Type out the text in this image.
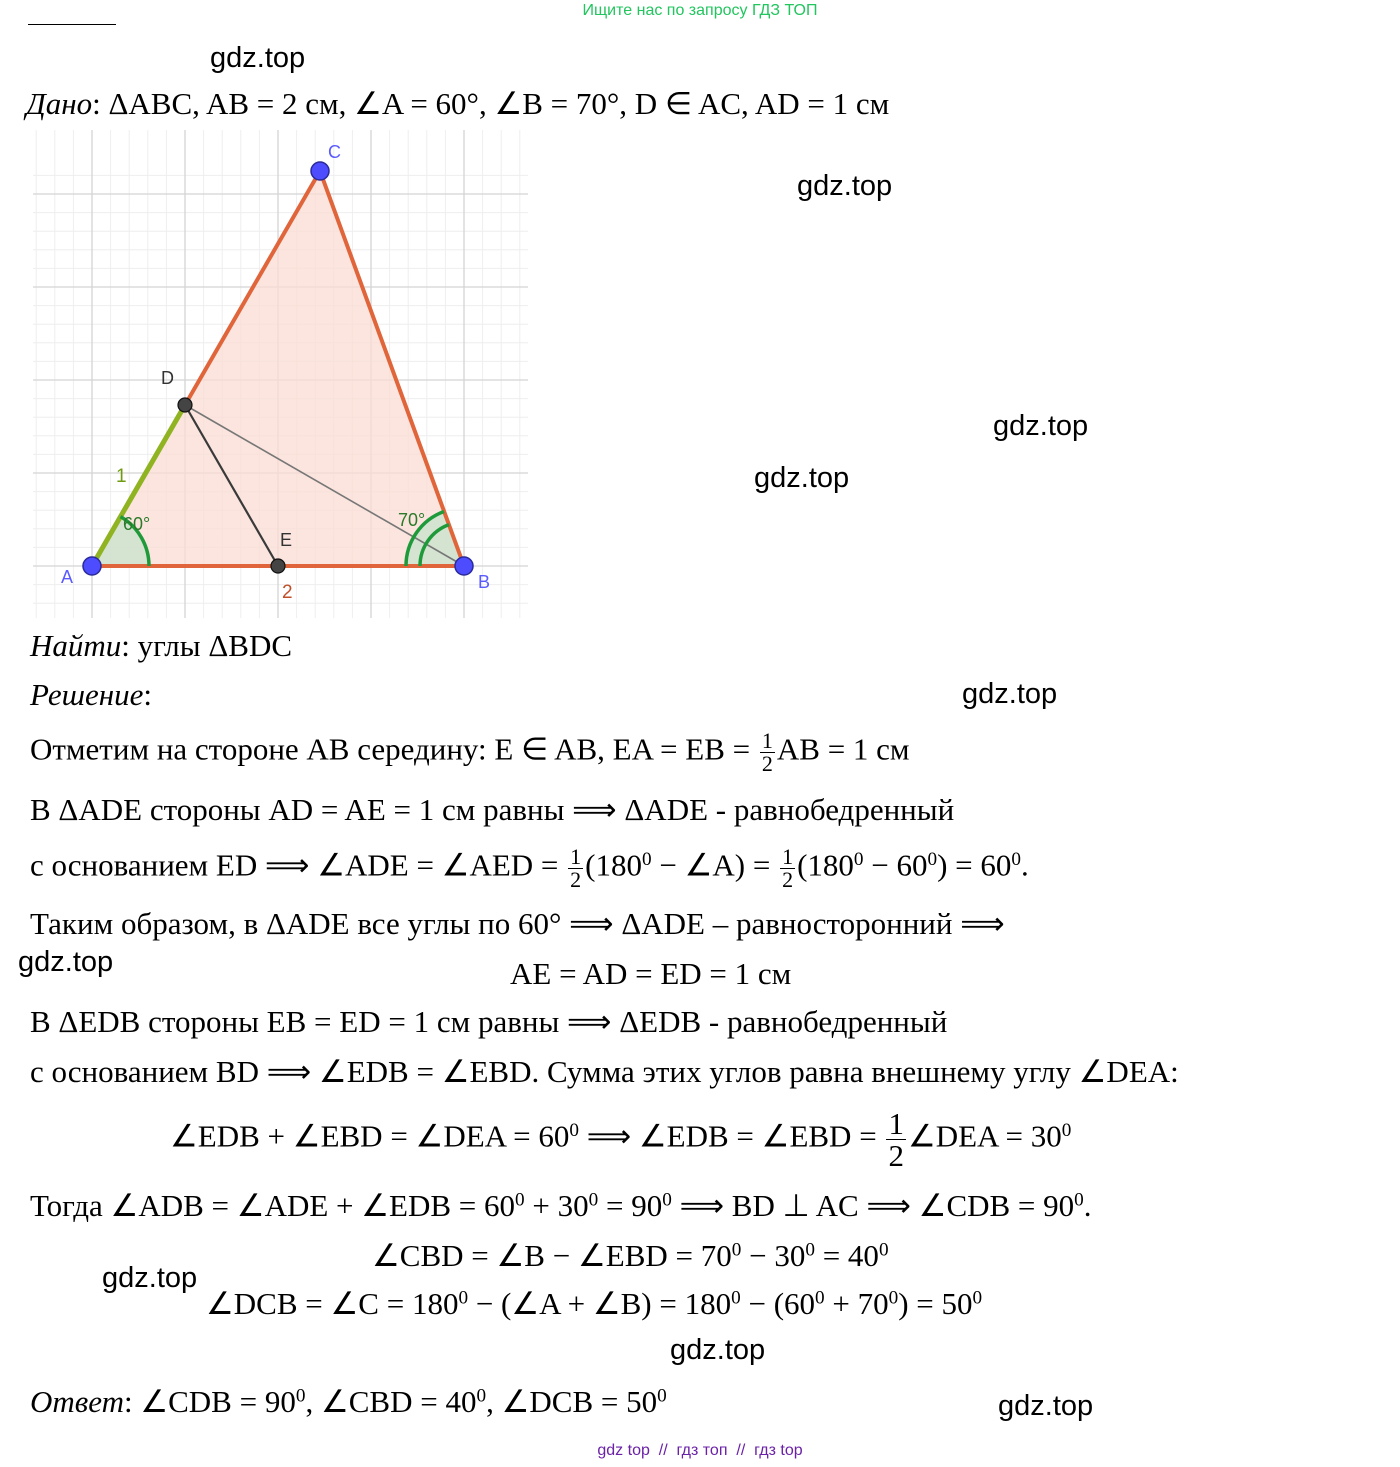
Ищите нас по запросу ГДЗ ТОП
gdz.top
gdz.top
gdz.top
gdz.top
gdz.top
gdz.top
gdz.top
gdz.top
gdz.top
Дано: ΔABC, AB = 2 см, ∠A = 60°, ∠B = 70°, D ∈ AC, AD = 1 см
1
2
60°	70°
A	B
C
D
E
Найти: углы ΔBDC
Решение:
Отметим на стороне AB середину: E ∈ AB, EA = EB = $\frac{1}{2}$ AB = 1 см
В ΔADE стороны AD = AE = 1 см равны ⟹ ΔADE - равнобедренный
с основанием ED ⟹ ∠ADE = ∠AED = $\frac{1}{2} (180^0$ − ∠A) = $\frac{1}{2} (180^0 - 60^0) = 60^0$.
Таким образом, в ΔADE все углы по 60° ⟹ ΔADE – равносторонний ⟹
AE = AD = ED = 1 см
В ΔEDB стороны EB = ED = 1 см равны ⟹ ΔEDB - равнобедренный
с основанием BD ⟹ ∠EDB = ∠EBD. Сумма этих углов равна внешнему углу ∠DEA:
∠EDB + ∠EBD = ∠DEA = $60^0$ ⟹ ∠EDB = ∠EBD = $\frac{1}{2}$ ∠DEA = $30^0$
Тогда ∠ADB = ∠ADE + ∠EDB = $60^0 + 30^0 = 90^0$ ⟹ BD ⊥ AC ⟹ ∠CDB = $90^0$.
∠CBD = ∠B − ∠EBD = $70^0 - 30^0 = 40^0$
∠DCB = ∠C = $180^0$ − (∠A + ∠B) = $180^0 - (60^0 + 70^0) = 50^0$
Ответ: ∠CDB = $90^0$, ∠CBD = $40^0$, ∠DCB = $50^0$
gdz top  //  гдз топ  //  гдз top
